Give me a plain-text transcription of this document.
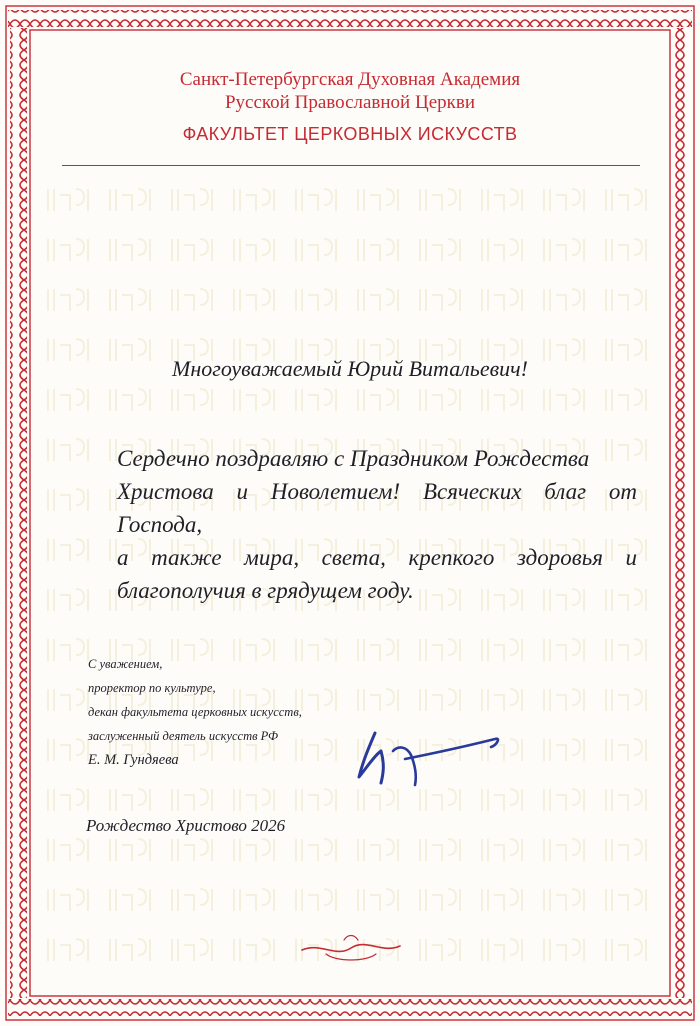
Санкт-Петербургская Духовная Академия
Русской Православной Церкви
ФАКУЛЬТЕТ ЦЕРКОВНЫХ ИСКУССТВ
Многоуважаемый Юрий Витальевич!
Сердечно поздравляю с Праздником Рождества
Христова и Новолетием! Всяческих благ от Господа,
а также мира, света, крепкого здоровья и
благополучия в грядущем году.
С уважением,
проректор по культуре,
декан факультета церковных искусств,
заслуженный деятель искусств РФ
Е. М. Гундяева
Рождество Христово 2026
